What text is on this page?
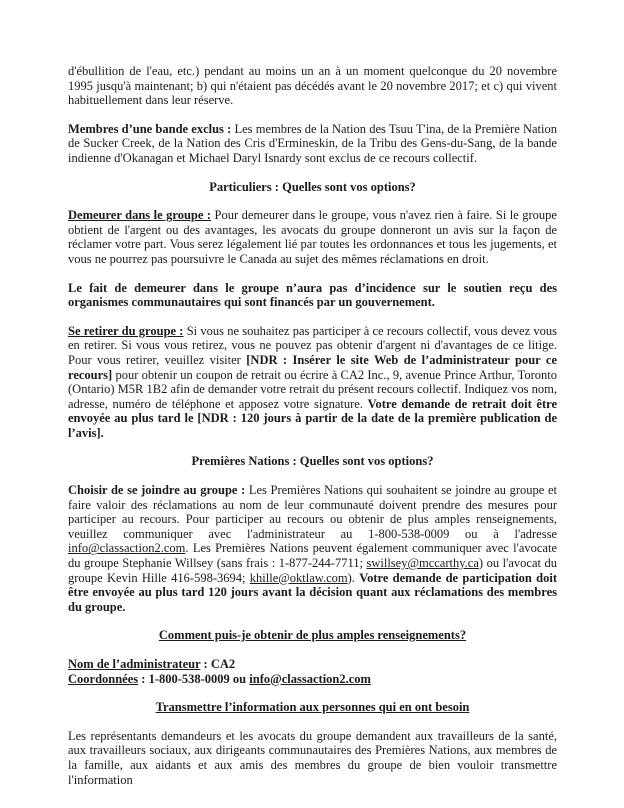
d'ébullition de l'eau, etc.) pendant au moins un an à un moment quelconque du 20 novembre 1995 jusqu'à maintenant; b) qui n'étaient pas décédés avant le 20 novembre 2017; et c) qui vivent habituellement dans leur réserve.

Membres d’une bande exclus : Les membres de la Nation des Tsuu T'ina, de la Première Nation de Sucker Creek, de la Nation des Cris d'Ermineskin, de la Tribu des Gens-du-Sang, de la bande indienne d'Okanagan et Michael Daryl Isnardy sont exclus de ce recours collectif.

Particuliers : Quelles sont vos options?

Demeurer dans le groupe : Pour demeurer dans le groupe, vous n'avez rien à faire. Si le groupe obtient de l'argent ou des avantages, les avocats du groupe donneront un avis sur la façon de réclamer votre part. Vous serez légalement lié par toutes les ordonnances et tous les jugements, et vous ne pourrez pas poursuivre le Canada au sujet des mêmes réclamations en droit.

Le fait de demeurer dans le groupe n’aura pas d’incidence sur le soutien reçu des organismes communautaires qui sont financés par un gouvernement.

Se retirer du groupe : Si vous ne souhaitez pas participer à ce recours collectif, vous devez vous en retirer. Si vous vous retirez, vous ne pouvez pas obtenir d'argent ni d'avantages de ce litige. Pour vous retirer, veuillez visiter [NDR : Insérer le site Web de l’administrateur pour ce recours] pour obtenir un coupon de retrait ou écrire à CA2 Inc., 9, avenue Prince Arthur, Toronto (Ontario) M5R 1B2 afin de demander votre retrait du présent recours collectif. Indiquez vos nom, adresse, numéro de téléphone et apposez votre signature. Votre demande de retrait doit être envoyée au plus tard le [NDR : 120 jours à partir de la date de la première publication de l’avis].

Premières Nations : Quelles sont vos options?

Choisir de se joindre au groupe : Les Premières Nations qui souhaitent se joindre au groupe et faire valoir des réclamations au nom de leur communauté doivent prendre des mesures pour participer au recours. Pour participer au recours ou obtenir de plus amples renseignements, veuillez communiquer avec l'administrateur au 1-800-538-0009 ou à l'adresse info@classaction2.com. Les Premières Nations peuvent également communiquer avec l'avocate du groupe Stephanie Willsey (sans frais : 1-877-244-7711; swillsey@mccarthy.ca) ou l'avocat du groupe Kevin Hille 416-598-3694; khille@oktlaw.com). Votre demande de participation doit être envoyée au plus tard 120 jours avant la décision quant aux réclamations des membres du groupe.

Comment puis-je obtenir de plus amples renseignements?

Nom de l’administrateur : CA2
Coordonnées : 1-800-538-0009 ou info@classaction2.com

Transmettre l’information aux personnes qui en ont besoin

Les représentants demandeurs et les avocats du groupe demandent aux travailleurs de la santé, aux travailleurs sociaux, aux dirigeants communautaires des Premières Nations, aux membres de la famille, aux aidants et aux amis des membres du groupe de bien vouloir transmettre l'information
